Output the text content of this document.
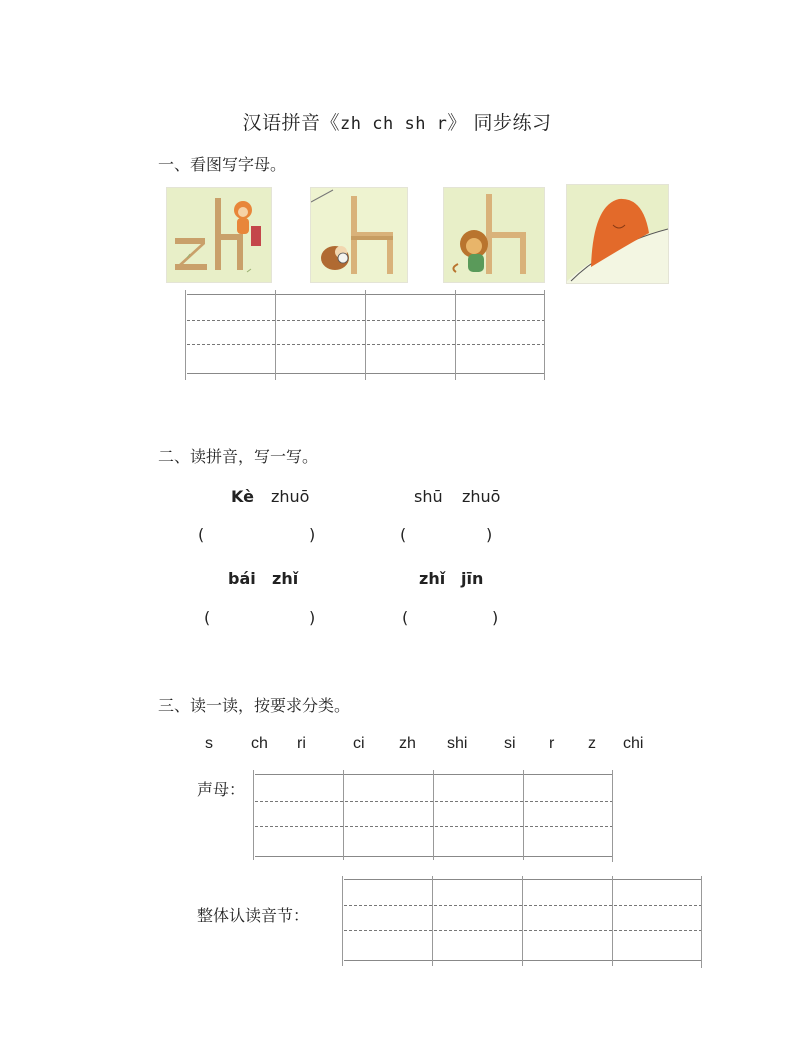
汉语拼音《zh ch sh r》 同步练习
一、看图写字母。
二、读拼音，写一写。
Kè zhuō	shū zhuō
(	)	(	)
bái zhǐ	zhǐ jīn
(	)	(	)
三、读一读，按要求分类。
s ch ri	ci zh shi si r z chi
声母：
整体认读音节：
